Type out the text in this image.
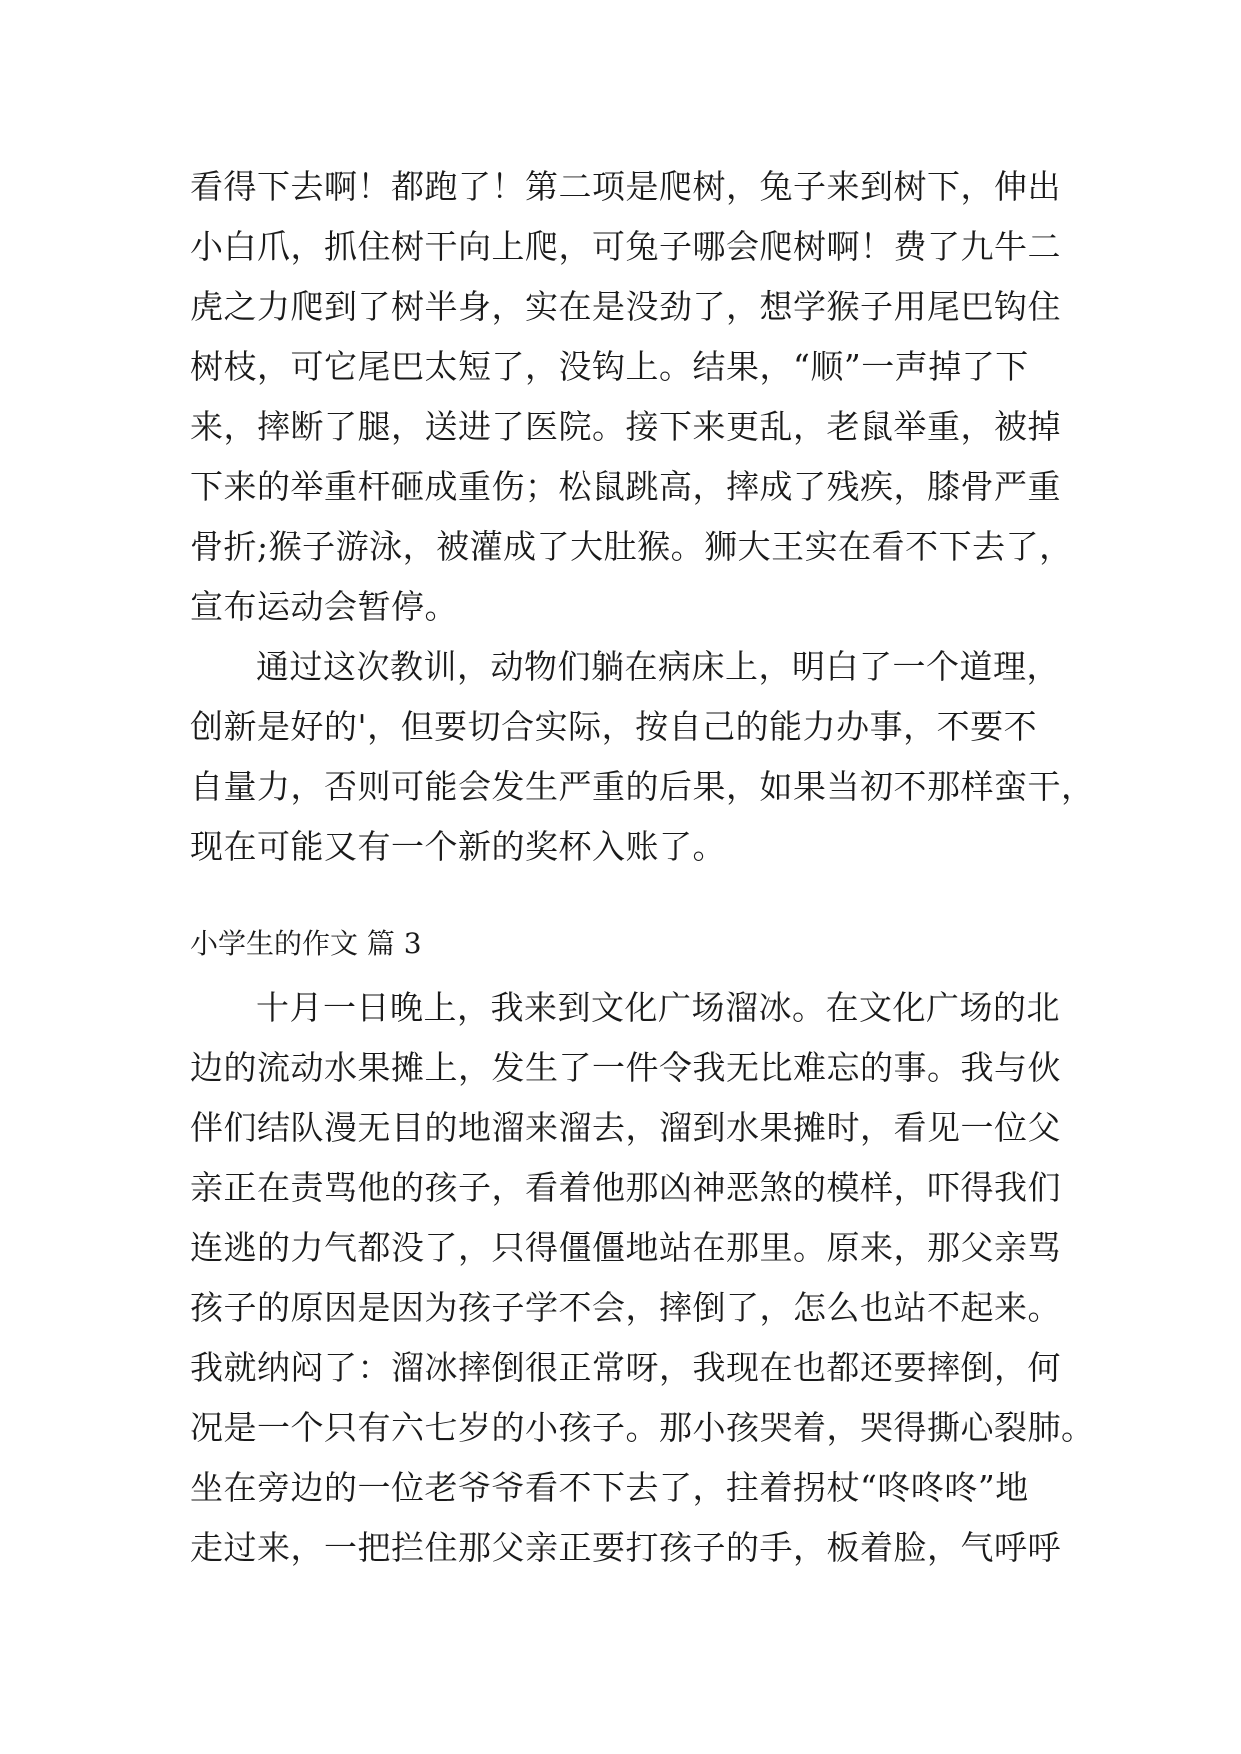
看得下去啊！都跑了！第二项是爬树，兔子来到树下，伸出
小白爪，抓住树干向上爬，可兔子哪会爬树啊！费了九牛二
虎之力爬到了树半身，实在是没劲了，想学猴子用尾巴钩住
树枝，可它尾巴太短了，没钩上。结果，“顺”一声掉了下
来，摔断了腿，送进了医院。接下来更乱，老鼠举重，被掉
下来的举重杆砸成重伤；松鼠跳高，摔成了残疾，膝骨严重
骨折;猴子游泳，被灌成了大肚猴。狮大王实在看不下去了，
宣布运动会暂停。
通过这次教训，动物们躺在病床上，明白了一个道理，
创新是好的'，但要切合实际，按自己的能力办事，不要不
自量力，否则可能会发生严重的后果，如果当初不那样蛮干，
现在可能又有一个新的奖杯入账了。
小学生的作文 篇 3
十月一日晚上，我来到文化广场溜冰。在文化广场的北
边的流动水果摊上，发生了一件令我无比难忘的事。我与伙
伴们结队漫无目的地溜来溜去，溜到水果摊时，看见一位父
亲正在责骂他的孩子，看着他那凶神恶煞的模样，吓得我们
连逃的力气都没了，只得僵僵地站在那里。原来，那父亲骂
孩子的原因是因为孩子学不会，摔倒了，怎么也站不起来。
我就纳闷了：溜冰摔倒很正常呀，我现在也都还要摔倒，何
况是一个只有六七岁的小孩子。那小孩哭着，哭得撕心裂肺。
坐在旁边的一位老爷爷看不下去了，拄着拐杖“咚咚咚”地
走过来，一把拦住那父亲正要打孩子的手，板着脸，气呼呼
